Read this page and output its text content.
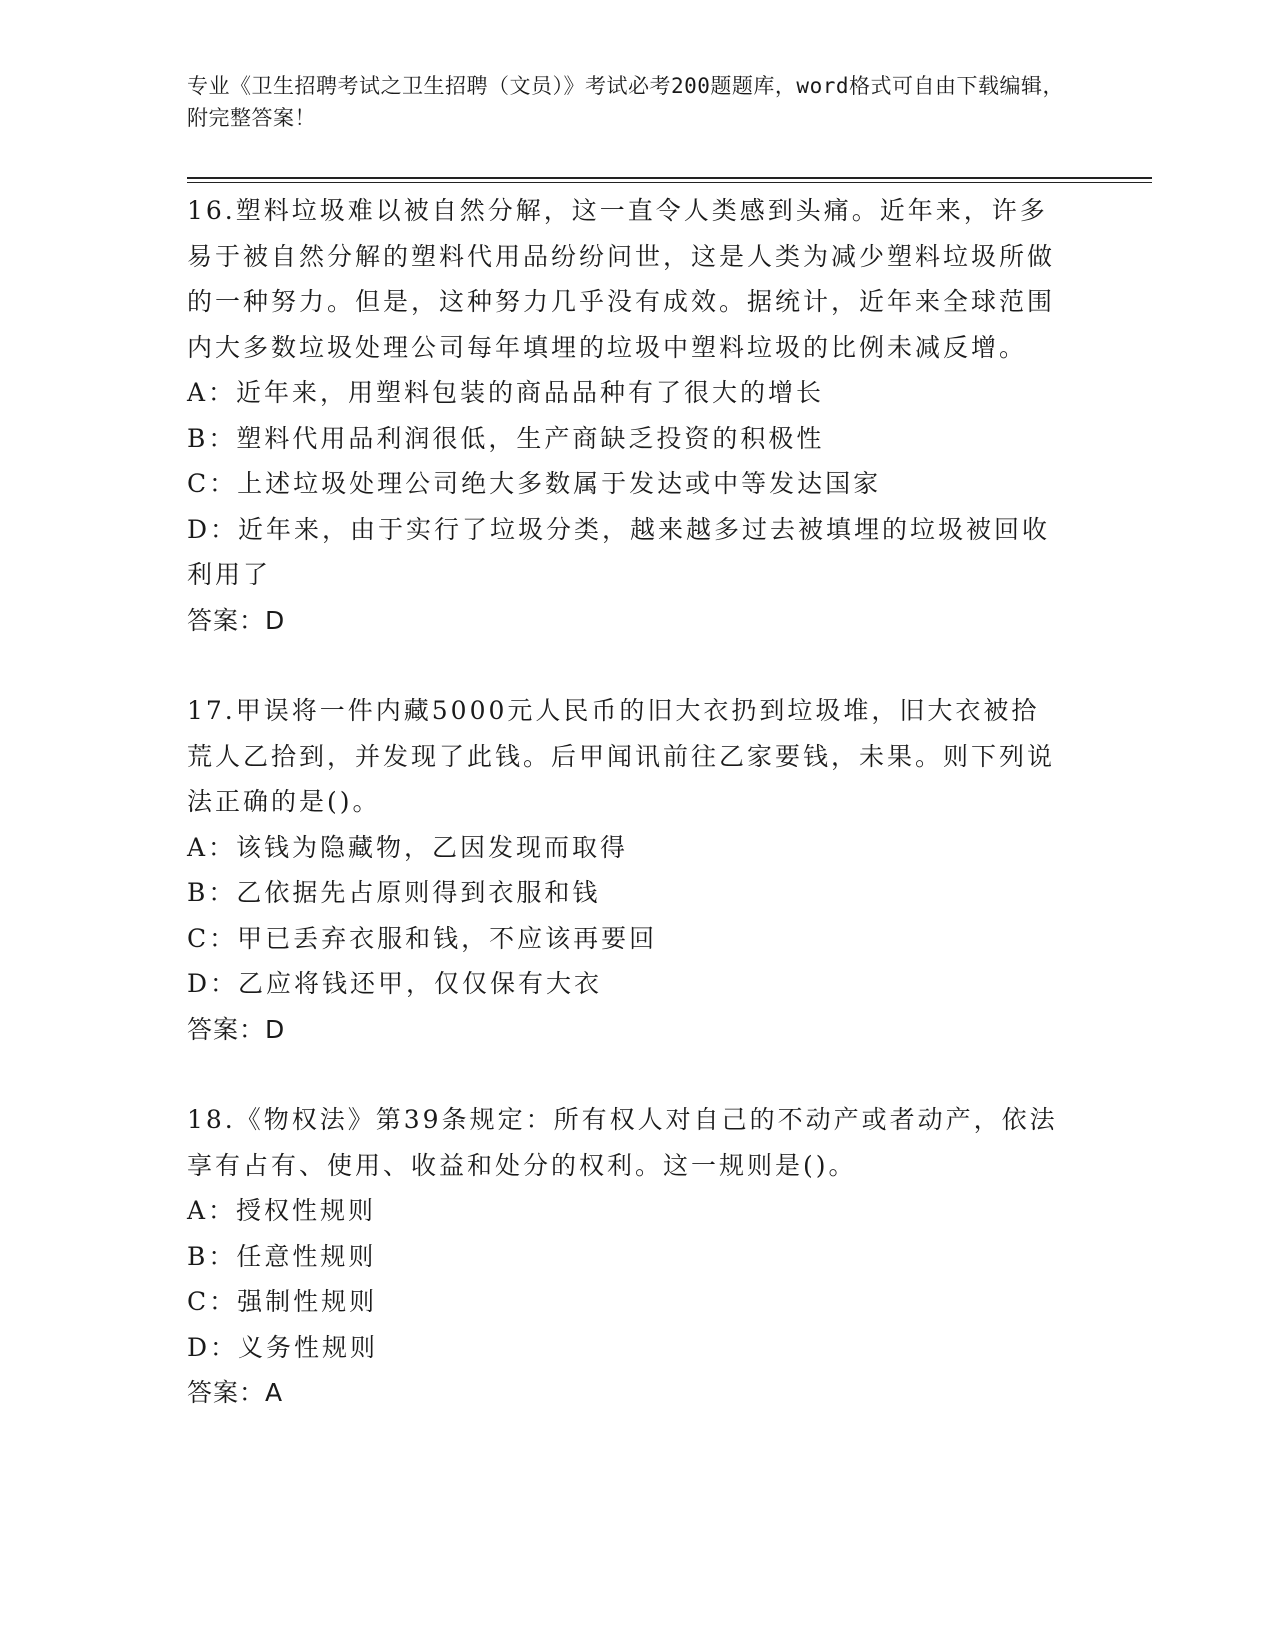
专业《卫生招聘考试之卫生招聘（文员）》考试必考200题题库，word格式可自由下载编辑，附完整答案！

16.塑料垃圾难以被自然分解，这一直令人类感到头痛。近年来，许多易于被自然分解的塑料代用品纷纷问世，这是人类为减少塑料垃圾所做的一种努力。但是，这种努力几乎没有成效。据统计，近年来全球范围内大多数垃圾处理公司每年填埋的垃圾中塑料垃圾的比例未减反增。

A：近年来，用塑料包装的商品品种有了很大的增长

B：塑料代用品利润很低，生产商缺乏投资的积极性

C：上述垃圾处理公司绝大多数属于发达或中等发达国家

D：近年来，由于实行了垃圾分类，越来越多过去被填埋的垃圾被回收利用了

答案：D

17.甲误将一件内藏5000元人民币的旧大衣扔到垃圾堆，旧大衣被拾荒人乙拾到，并发现了此钱。后甲闻讯前往乙家要钱，未果。则下列说法正确的是()。

A：该钱为隐藏物，乙因发现而取得

B：乙依据先占原则得到衣服和钱

C：甲已丢弃衣服和钱，不应该再要回

D：乙应将钱还甲，仅仅保有大衣

答案：D

18.《物权法》第39条规定：所有权人对自己的不动产或者动产，依法享有占有、使用、收益和处分的权利。这一规则是()。

A：授权性规则

B：任意性规则

C：强制性规则

D：义务性规则

答案：A
